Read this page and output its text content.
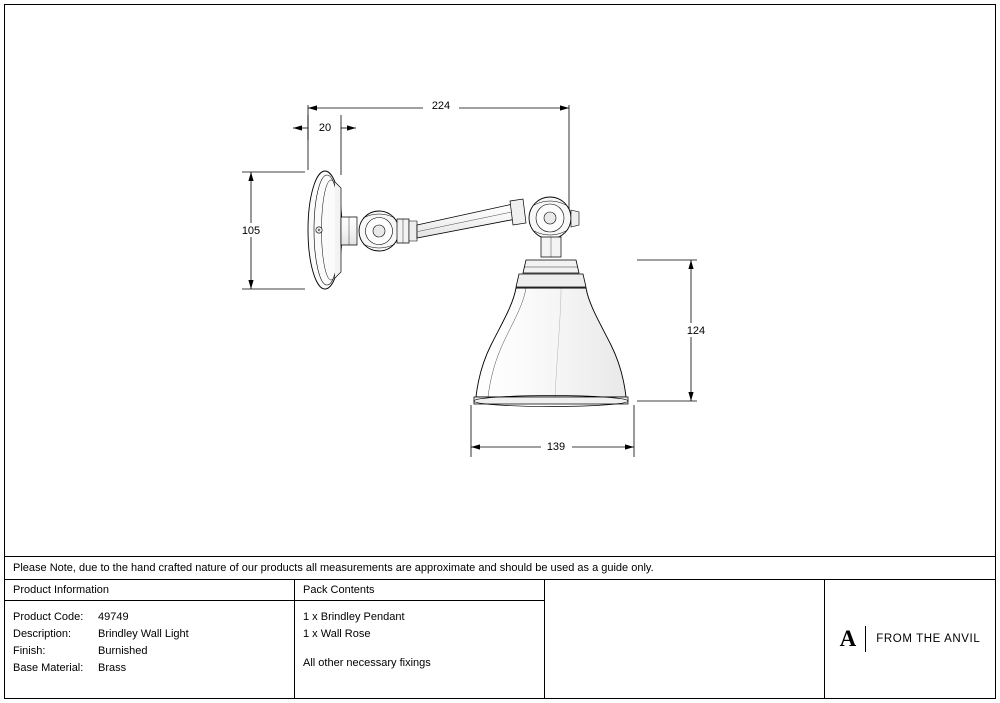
224
20
105
124
139
Please Note, due to the hand crafted nature of our products all measurements are approximate and should be used as a guide only.
Product Information
Product Code:	49749
Description:	Brindley Wall Light
Finish:	Burnished
Base Material:	Brass
Pack Contents
1 x Brindley Pendant
1 x Wall Rose
All other necessary fixings
A FROM THE ANVIL
